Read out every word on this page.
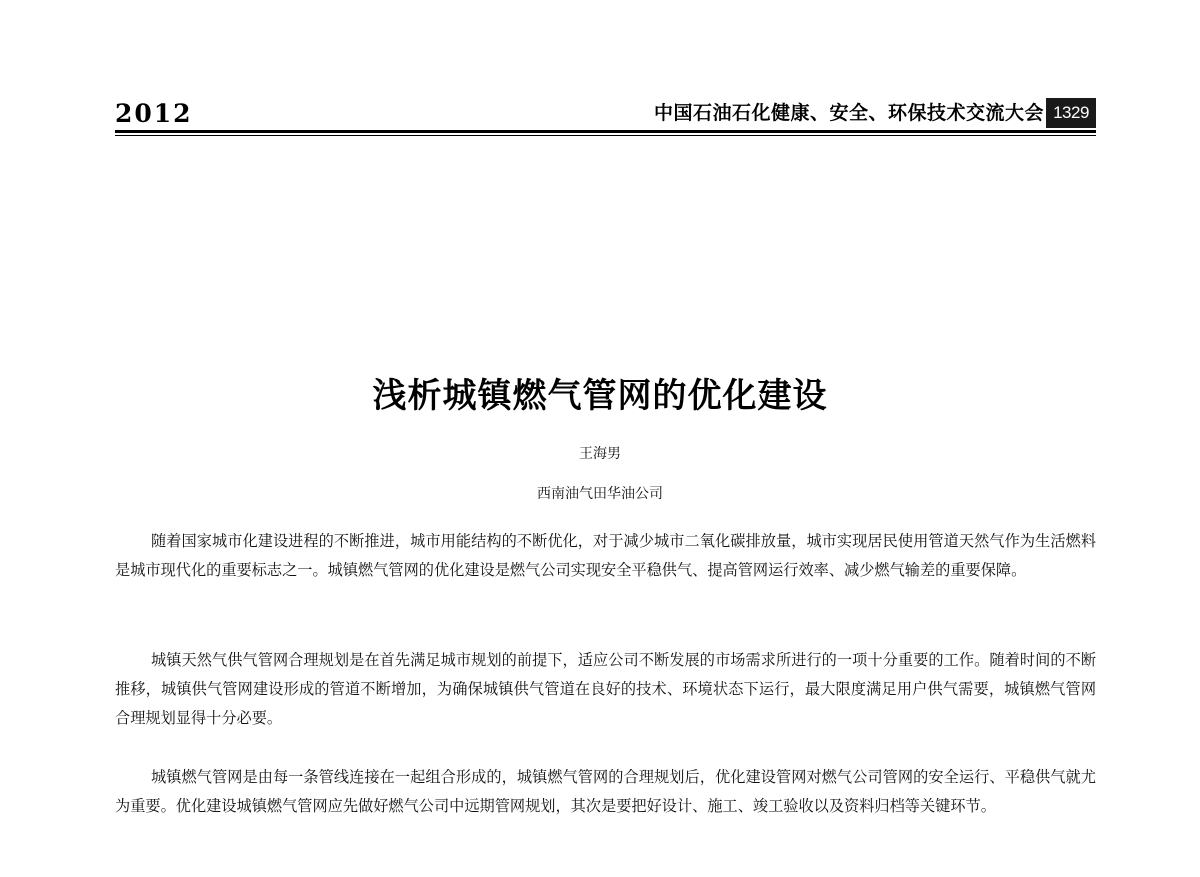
2012	中国石油石化健康、安全、环保技术交流大会 1329
浅析城镇燃气管网的优化建设
王海男
西南油气田华油公司

随着国家城市化建设进程的不断推进，城市用能结构的不断优化，对于减少城市二氧化碳排放量，城市实现居民使用管道天然气作为生活燃料是城市现代化的重要标志之一。城镇燃气管网的优化建设是燃气公司实现安全平稳供气、提高管网运行效率、减少燃气输差的重要保障。

城镇天然气供气管网合理规划是在首先满足城市规划的前提下，适应公司不断发展的市场需求所进行的一项十分重要的工作。随着时间的不断推移，城镇供气管网建设形成的管道不断增加，为确保城镇供气管道在良好的技术、环境状态下运行，最大限度满足用户供气需要，城镇燃气管网合理规划显得十分必要。

城镇燃气管网是由每一条管线连接在一起组合形成的，城镇燃气管网的合理规划后，优化建设管网对燃气公司管网的安全运行、平稳供气就尤为重要。优化建设城镇燃气管网应先做好燃气公司中远期管网规划，其次是要把好设计、施工、竣工验收以及资料归档等关键环节。
